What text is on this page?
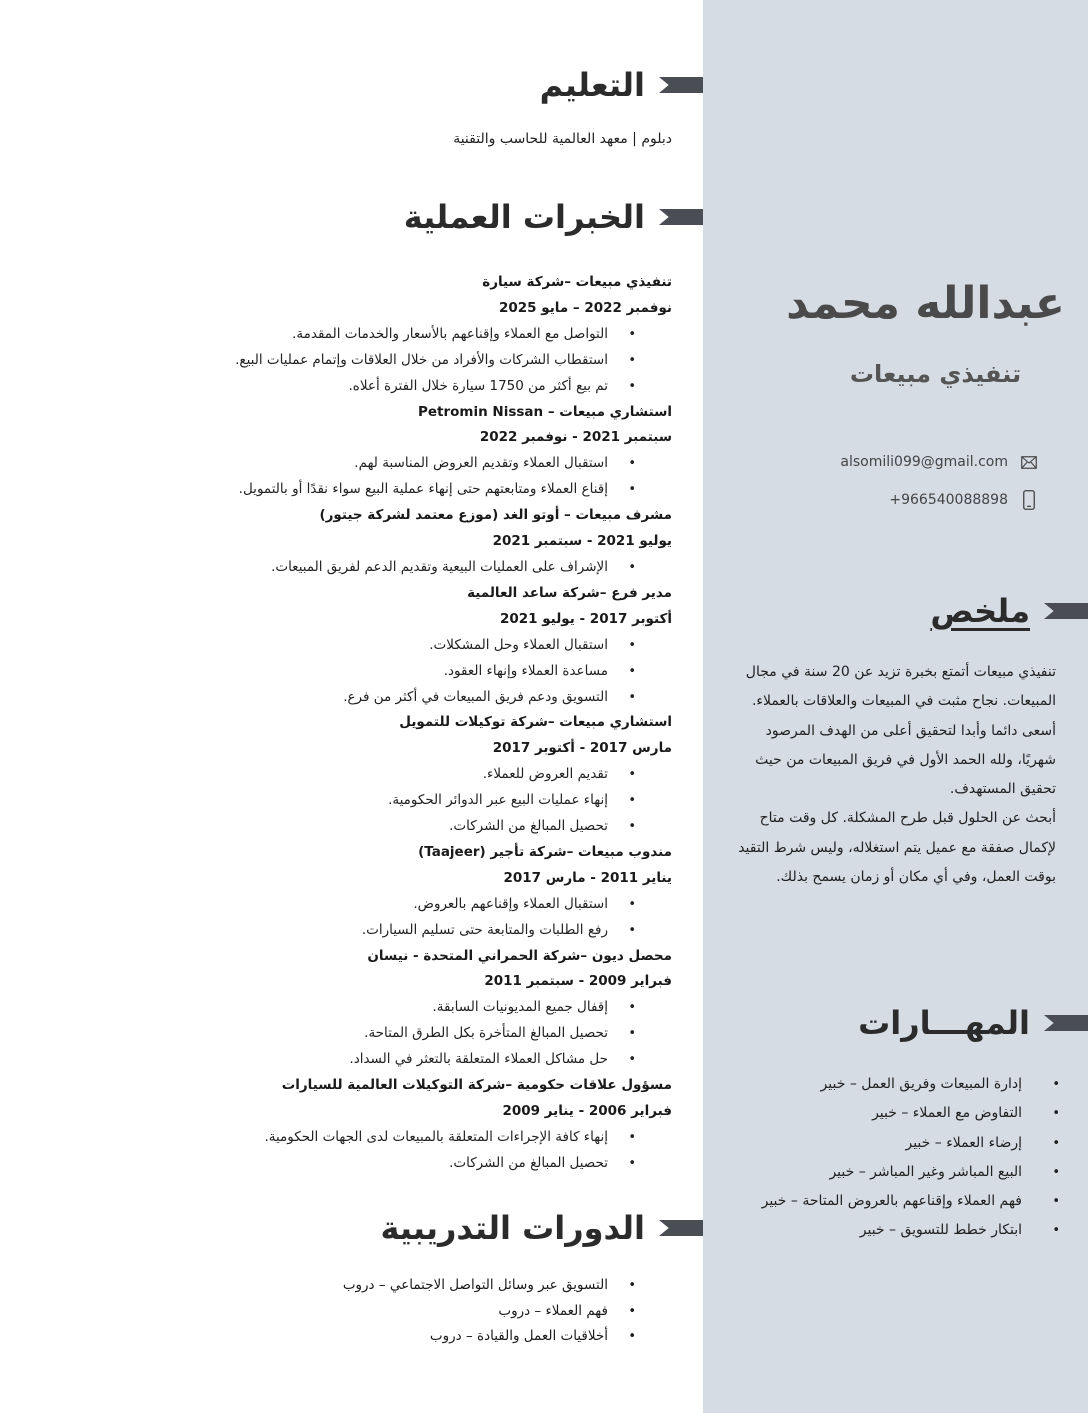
التعليم
دبلوم | معهد العالمية للحاسب والتقنية
الخبرات العملية
تنفيذي مبيعات –شركة سيارة
نوفمبر 2022 – مايو 2025
• التواصل مع العملاء وإقناعهم بالأسعار والخدمات المقدمة.
• استقطاب الشركات والأفراد من خلال العلاقات وإتمام عمليات البيع.
• تم بيع أكثر من 1750 سيارة خلال الفترة أعلاه.
استشاري مبيعات – Petromin Nissan
سبتمبر 2021 - نوفمبر 2022
• استقبال العملاء وتقديم العروض المناسبة لهم.
• إقناع العملاء ومتابعتهم حتى إنهاء عملية البيع سواء نقدًا أو بالتمويل.
مشرف مبيعات – أوتو الغد (موزع معتمد لشركة جيتور)
يوليو 2021 - سبتمبر 2021
• الإشراف على العمليات البيعية وتقديم الدعم لفريق المبيعات.
مدير فرع –شركة ساعد العالمية
أكتوبر 2017 - يوليو 2021
• استقبال العملاء وحل المشكلات.
• مساعدة العملاء وإنهاء العقود.
• التسويق ودعم فريق المبيعات في أكثر من فرع.
استشاري مبيعات –شركة توكيلات للتمويل
مارس 2017 - أكتوبر 2017
• تقديم العروض للعملاء.
• إنهاء عمليات البيع عبر الدوائر الحكومية.
• تحصيل المبالغ من الشركات.
مندوب مبيعات –شركة تأجير (Taajeer)
يناير 2011 - مارس 2017
• استقبال العملاء وإقناعهم بالعروض.
• رفع الطلبات والمتابعة حتى تسليم السيارات.
محصل ديون –شركة الحمراني المتحدة - نيسان
فبراير 2009 - سبتمبر 2011
• إقفال جميع المديونيات السابقة.
• تحصيل المبالغ المتأخرة بكل الطرق المتاحة.
• حل مشاكل العملاء المتعلقة بالتعثر في السداد.
مسؤول علاقات حكومية –شركة التوكيلات العالمية للسيارات
فبراير 2006 - يناير 2009
• إنهاء كافة الإجراءات المتعلقة بالمبيعات لدى الجهات الحكومية.
• تحصيل المبالغ من الشركات.
الدورات التدريبية
• التسويق عبر وسائل التواصل الاجتماعي – دروب
• فهم العملاء – دروب
• أخلاقيات العمل والقيادة – دروب
عبدالله محمد
تنفيذي مبيعات
alsomili099@gmail.com
+966540088898
ملخص

تنفيذي مبيعات أتمتع بخبرة تزيد عن 20 سنة في مجال المبيعات. نجاح مثبت في المبيعات والعلاقات بالعملاء.

أسعى دائما وأبدا لتحقيق أعلى من الهدف المرصود شهريًا، ولله الحمد الأول في فريق المبيعات من حيث تحقيق المستهدف.

أبحث عن الحلول قبل طرح المشكلة. كل وقت متاح لإكمال صفقة مع عميل يتم استغلاله، وليس شرط التقيد بوقت العمل، وفي أي مكان أو زمان يسمح بذلك.

المهـــارات
• إدارة المبيعات وفريق العمل – خبير
• التفاوض مع العملاء – خبير
• إرضاء العملاء – خبير
• البيع المباشر وغير المباشر – خبير
• فهم العملاء وإقناعهم بالعروض المتاحة – خبير
• ابتكار خطط للتسويق – خبير
